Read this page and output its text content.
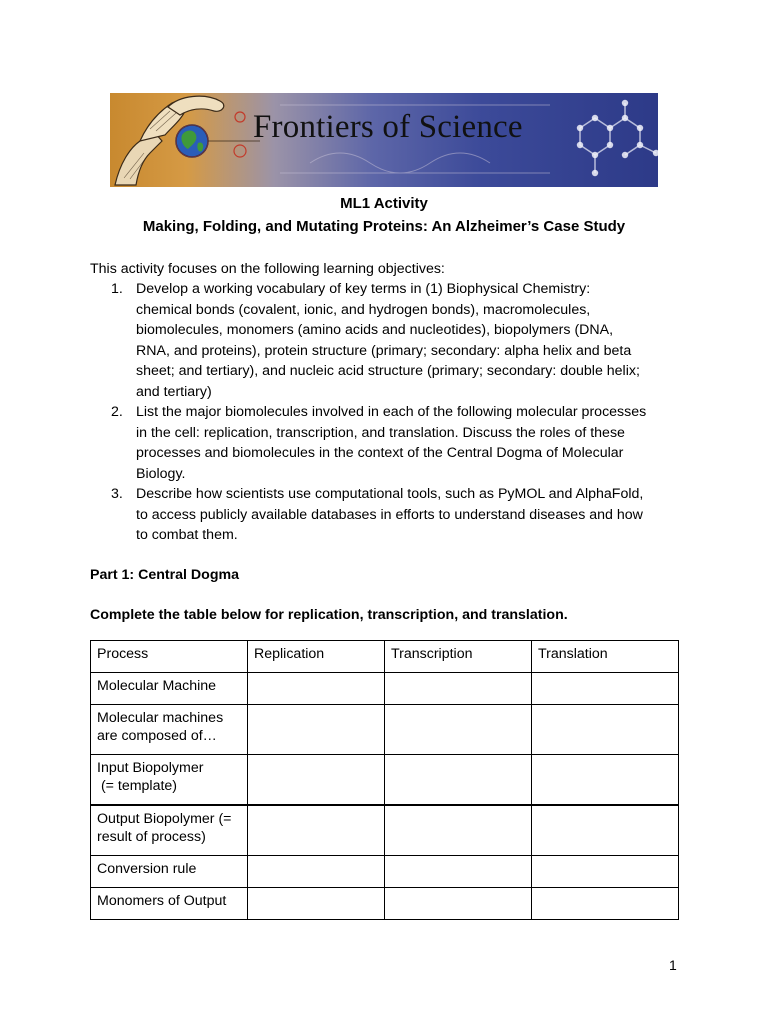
Frontiers of Science
ML1 Activity
Making, Folding, and Mutating Proteins: An Alzheimer’s Case Study
This activity focuses on the following learning objectives:
1. Develop a working vocabulary of key terms in (1) Biophysical Chemistry:
chemical bonds (covalent, ionic, and hydrogen bonds), macromolecules,
biomolecules, monomers (amino acids and nucleotides), biopolymers (DNA,
RNA, and proteins), protein structure (primary; secondary: alpha helix and beta
sheet; and tertiary), and nucleic acid structure (primary; secondary: double helix;
and tertiary)
2. List the major biomolecules involved in each of the following molecular processes
in the cell: replication, transcription, and translation. Discuss the roles of these
processes and biomolecules in the context of the Central Dogma of Molecular
Biology.
3. Describe how scientists use computational tools, such as PyMOL and AlphaFold,
to access publicly available databases in efforts to understand diseases and how
to combat them.
Part 1: Central Dogma
Complete the table below for replication, transcription, and translation.
Process	Replication	Transcription	Translation

Molecular Machine			

Molecular machines
are composed of…			

Input Biopolymer
(= template)			

Output Biopolymer (=
result of process)			

Conversion rule			

Monomers of Output			

1
